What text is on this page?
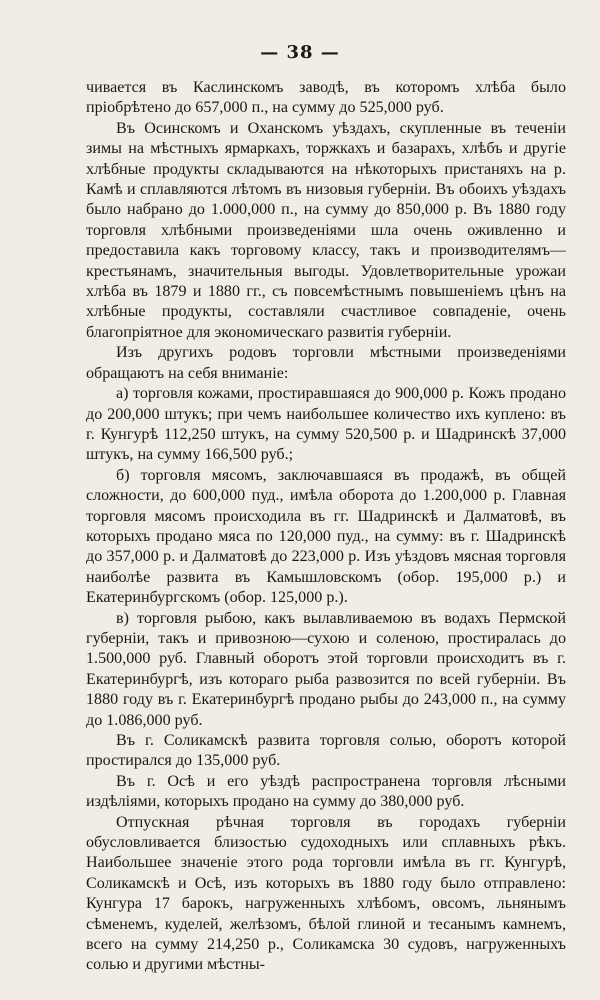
— 38 —

чивается въ Каслинскомъ заводѣ, въ которомъ хлѣба было пріобрѣтено до 657,000 п., на сумму до 525,000 руб.

Въ Осинскомъ и Оханскомъ уѣздахъ, скупленные въ теченіи зимы на мѣстныхъ ярмаркахъ, торжкахъ и базарахъ, хлѣбъ и другіе хлѣбные продукты складываются на нѣкоторыхъ пристаняхъ на р. Камѣ и сплавляются лѣтомъ въ низовыя губерніи. Въ обоихъ уѣздахъ было набрано до 1.000,000 п., на сумму до 850,000 р. Въ 1880 году торговля хлѣбными произведеніями шла очень оживленно и предоставила какъ торговому классу, такъ и производителямъ—крестьянамъ, значительныя выгоды. Удовлетворительные урожаи хлѣба въ 1879 и 1880 гг., съ повсемѣстнымъ повышеніемъ цѣнъ на хлѣбные продукты, составляли счастливое совпаденіе, очень благопріятное для экономическаго развитія губерніи.

Изъ другихъ родовъ торговли мѣстными произведеніями обращаютъ на себя вниманіе:

а) торговля кожами, простиравшаяся до 900,000 р. Кожъ продано до 200,000 штукъ; при чемъ наибольшее количество ихъ куплено: въ г. Кунгурѣ 112,250 штукъ, на сумму 520,500 р. и Шадринскѣ 37,000 штукъ, на сумму 166,500 руб.;

б) торговля мясомъ, заключавшаяся въ продажѣ, въ общей сложности, до 600,000 пуд., имѣла оборота до 1.200,000 р. Главная торговля мясомъ происходила въ гг. Шадринскѣ и Далматовѣ, въ которыхъ продано мяса по 120,000 пуд., на сумму: въ г. Шадринскѣ до 357,000 р. и Далматовѣ до 223,000 р. Изъ уѣздовъ мясная торговля наиболѣе развита въ Камышловскомъ (обор. 195,000 р.) и Екатеринбургскомъ (обор. 125,000 р.).

в) торговля рыбою, какъ вылавливаемою въ водахъ Пермской губерніи, такъ и привозною—сухою и соленою, простиралась до 1.500,000 руб. Главный оборотъ этой торговли происходитъ въ г. Екатеринбургѣ, изъ котораго рыба развозится по всей губерніи. Въ 1880 году въ г. Екатеринбургѣ продано рыбы до 243,000 п., на сумму до 1.086,000 руб.

Въ г. Соликамскѣ развита торговля солью, оборотъ которой простирался до 135,000 руб.

Въ г. Осѣ и его уѣздѣ распространена торговля лѣсными издѣліями, которыхъ продано на сумму до 380,000 руб.

Отпускная рѣчная торговля въ городахъ губерніи обусловливается близостью судоходныхъ или сплавныхъ рѣкъ. Наибольшее значеніе этого рода торговли имѣла въ гг. Кунгурѣ, Соликамскѣ и Осѣ, изъ которыхъ въ 1880 году было отправлено: Кунгура 17 барокъ, нагруженныхъ хлѣбомъ, овсомъ, льнянымъ сѣменемъ, куделей, желѣзомъ, бѣлой глиной и тесанымъ камнемъ, всего на сумму 214,250 р., Соликамска 30 судовъ, нагруженныхъ солью и другими мѣстны-
